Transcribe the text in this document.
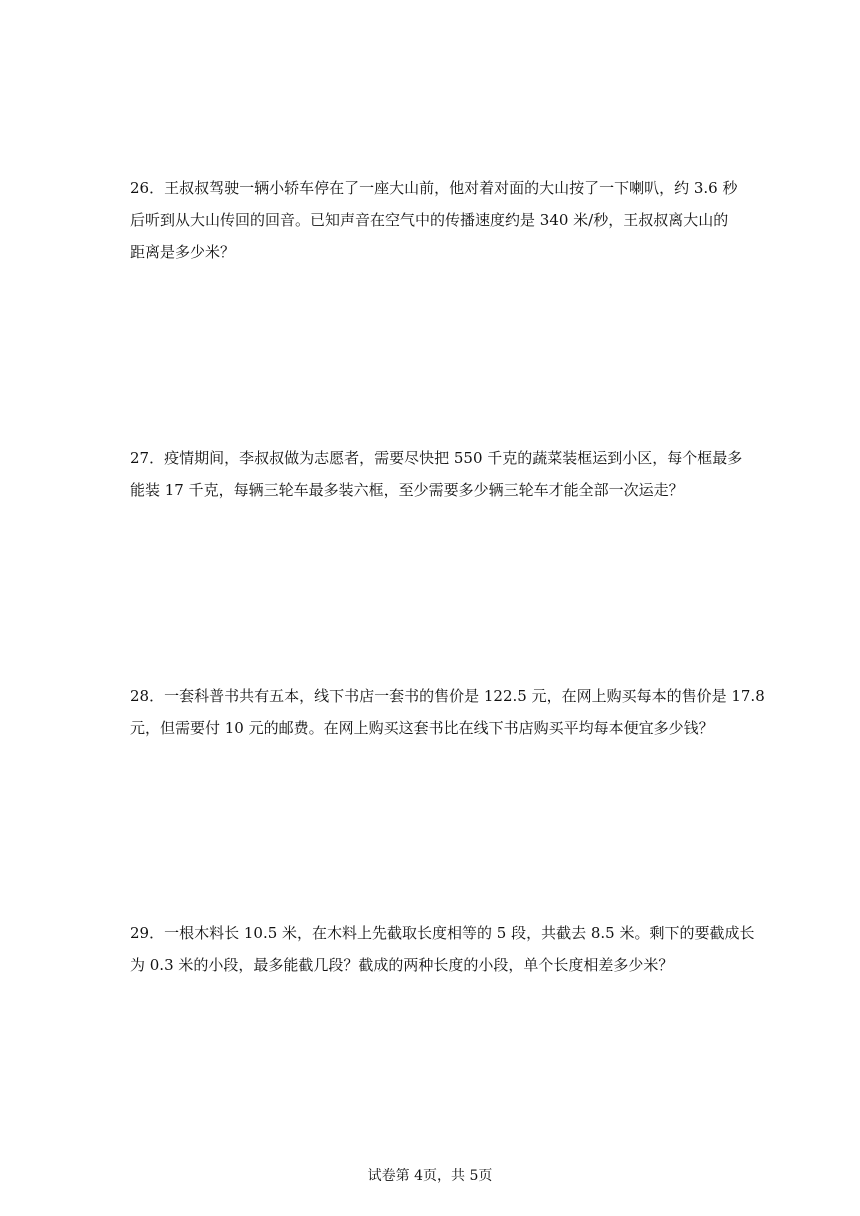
26．王叔叔驾驶一辆小轿车停在了一座大山前，他对着对面的大山按了一下喇叭，约 3.6 秒
后听到从大山传回的回音。已知声音在空气中的传播速度约是 340 米/秒，王叔叔离大山的
距离是多少米？
27．疫情期间，李叔叔做为志愿者，需要尽快把 550 千克的蔬菜装框运到小区，每个框最多
能装 17 千克，每辆三轮车最多装六框，至少需要多少辆三轮车才能全部一次运走？
28．一套科普书共有五本，线下书店一套书的售价是 122.5 元，在网上购买每本的售价是 17.8
元，但需要付 10 元的邮费。在网上购买这套书比在线下书店购买平均每本便宜多少钱？
29．一根木料长 10.5 米，在木料上先截取长度相等的 5 段，共截去 8.5 米。剩下的要截成长
为 0.3 米的小段，最多能截几段？截成的两种长度的小段，单个长度相差多少米？
试卷第 4页，共 5页
